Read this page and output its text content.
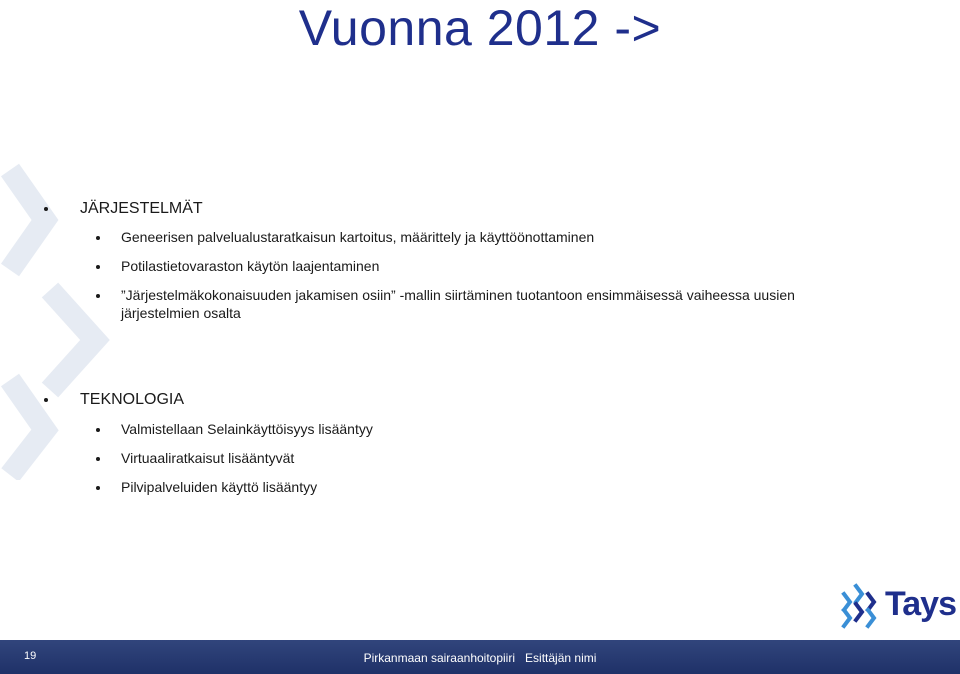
Vuonna 2012 ->
JÄRJESTELMÄT
Geneerisen palvelualustaratkaisun kartoitus, määrittely ja käyttöönottaminen
Potilastietovaraston käytön laajentaminen
”Järjestelmäkokonaisuuden jakamisen osiin” -mallin siirtäminen tuotantoon ensimmäisessä vaiheessa uusien
järjestelmien osalta
TEKNOLOGIA
Valmistellaan Selainkäyttöisyys lisääntyy
Virtuaaliratkaisut lisääntyvät
Pilvipalveluiden käyttö lisääntyy
Tays
19	Pirkanmaan sairaanhoitopiiri Esittäjän nimi
